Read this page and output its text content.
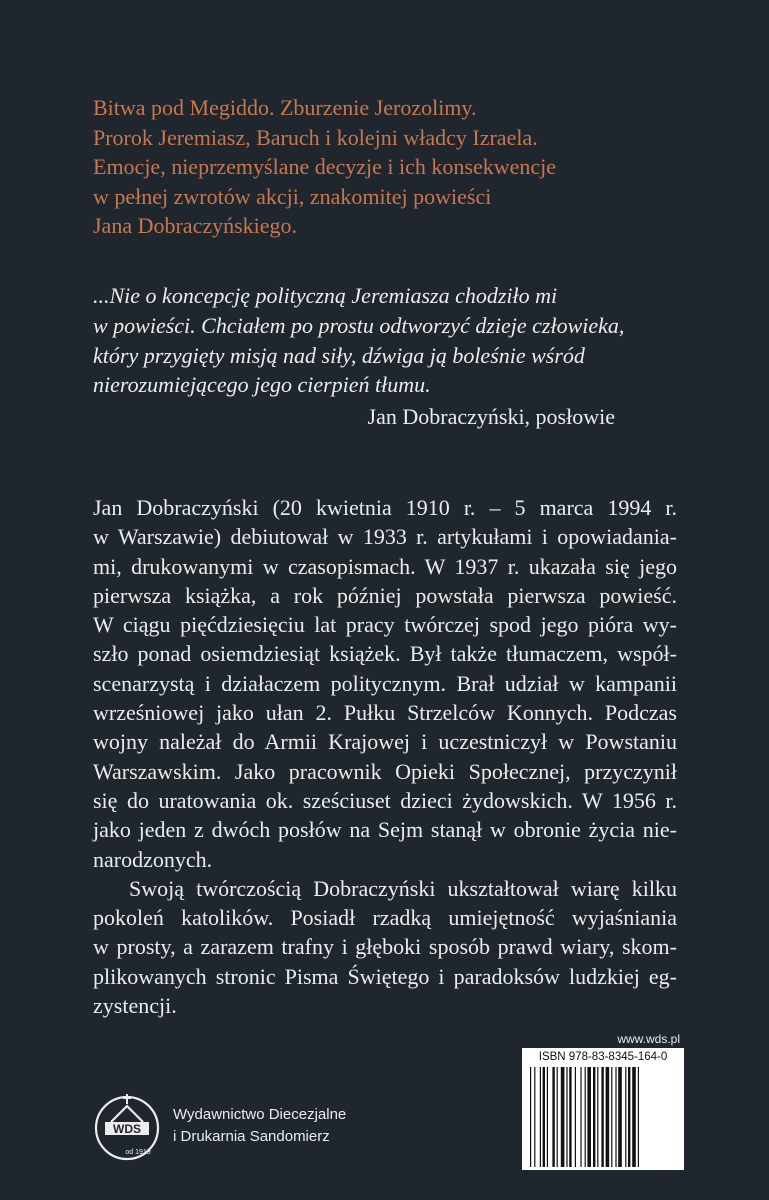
Bitwa pod Megiddo. Zburzenie Jerozolimy.
Prorok Jeremiasz, Baruch i kolejni władcy Izraela.
Emocje, nieprzemyślane decyzje i ich konsekwencje
w pełnej zwrotów akcji, znakomitej powieści
Jana Dobraczyńskiego.
...Nie o koncepcję polityczną Jeremiasza chodziło mi
w powieści. Chciałem po prostu odtworzyć dzieje człowieka,
który przygięty misją nad siły, dźwiga ją boleśnie wśród
nierozumiejącego jego cierpień tłumu.
Jan Dobraczyński, posłowie
Jan Dobraczyński (20 kwietnia 1910 r. – 5 marca 1994 r.
w Warszawie) debiutował w 1933 r. artykułami i opowiadania-
mi, drukowanymi w czasopismach. W 1937 r. ukazała się jego
pierwsza książka, a rok później powstała pierwsza powieść.
W ciągu pięćdziesięciu lat pracy twórczej spod jego pióra wy-
szło ponad osiemdziesiąt książek. Był także tłumaczem, współ-
scenarzystą i działaczem politycznym. Brał udział w kampanii
wrześniowej jako ułan 2. Pułku Strzelców Konnych. Podczas
wojny należał do Armii Krajowej i uczestniczył w Powstaniu
Warszawskim. Jako pracownik Opieki Społecznej, przyczynił
się do uratowania ok. sześciuset dzieci żydowskich. W 1956 r.
jako jeden z dwóch posłów na Sejm stanął w obronie życia nie-
narodzonych.
Swoją twórczością Dobraczyński ukształtował wiarę kilku
pokoleń katolików. Posiadł rzadką umiejętność wyjaśniania
w prosty, a zarazem trafny i głęboki sposób prawd wiary, skom-
plikowanych stronic Pisma Świętego i paradoksów ludzkiej eg-
zystencji.
WDS
od 1919
Wydawnictwo Diecezjalne
i Drukarnia Sandomierz
www.wds.pl
ISBN 978-83-8345-164-0
